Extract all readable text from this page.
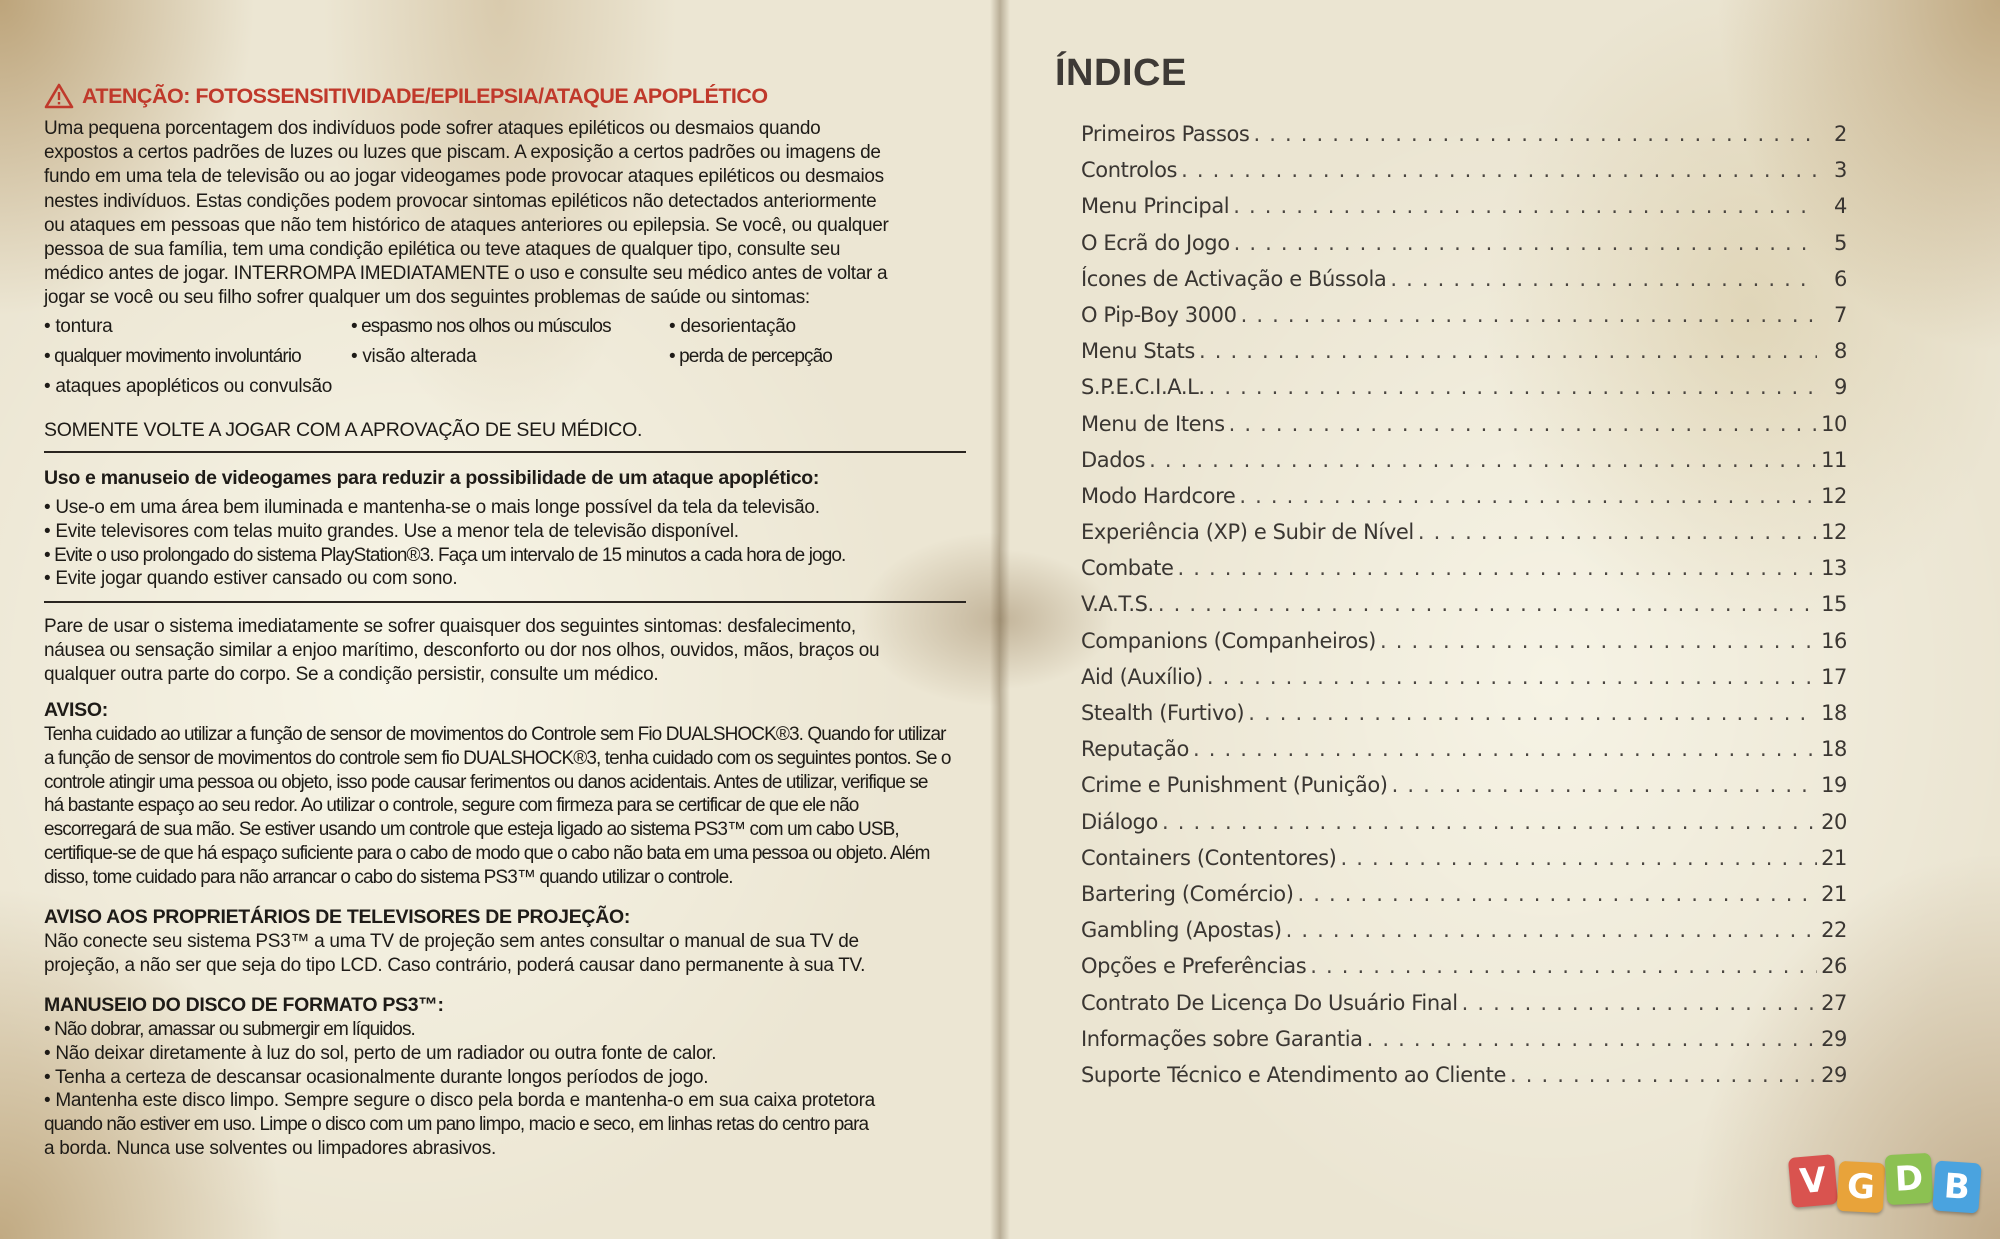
ATENÇÃO: FOTOSSENSITIVIDADE/EPILEPSIA/ATAQUE APOPLÉTICO
Uma pequena porcentagem dos indivíduos pode sofrer ataques epiléticos ou desmaios quando
expostos a certos padrões de luzes ou luzes que piscam. A exposição a certos padrões ou imagens de
fundo em uma tela de televisão ou ao jogar videogames pode provocar ataques epiléticos ou desmaios
nestes indivíduos. Estas condições podem provocar sintomas epiléticos não detectados anteriormente
ou ataques em pessoas que não tem histórico de ataques anteriores ou epilepsia. Se você, ou qualquer
pessoa de sua família, tem uma condição epilética ou teve ataques de qualquer tipo, consulte seu
médico antes de jogar. INTERROMPA IMEDIATAMENTE o uso e consulte seu médico antes de voltar a
jogar se você ou seu filho sofrer qualquer um dos seguintes problemas de saúde ou sintomas:
• tontura	• espasmo nos olhos ou músculos	• desorientação
• qualquer movimento involuntário	• visão alterada	• perda de percepção
• ataques apopléticos ou convulsão
SOMENTE VOLTE A JOGAR COM A APROVAÇÃO DE SEU MÉDICO.
Uso e manuseio de videogames para reduzir a possibilidade de um ataque apoplético:
• Use-o em uma área bem iluminada e mantenha-se o mais longe possível da tela da televisão.
• Evite televisores com telas muito grandes. Use a menor tela de televisão disponível.
• Evite o uso prolongado do sistema PlayStation®3. Faça um intervalo de 15 minutos a cada hora de jogo.
• Evite jogar quando estiver cansado ou com sono.
Pare de usar o sistema imediatamente se sofrer quaisquer dos seguintes sintomas: desfalecimento,
náusea ou sensação similar a enjoo marítimo, desconforto ou dor nos olhos, ouvidos, mãos, braços ou
qualquer outra parte do corpo. Se a condição persistir, consulte um médico.
AVISO:
Tenha cuidado ao utilizar a função de sensor de movimentos do Controle sem Fio DUALSHOCK®3. Quando for utilizar
a função de sensor de movimentos do controle sem fio DUALSHOCK®3, tenha cuidado com os seguintes pontos. Se o
controle atingir uma pessoa ou objeto, isso pode causar ferimentos ou danos acidentais. Antes de utilizar, verifique se
há bastante espaço ao seu redor. Ao utilizar o controle, segure com firmeza para se certificar de que ele não
escorregará de sua mão. Se estiver usando um controle que esteja ligado ao sistema PS3™ com um cabo USB,
certifique-se de que há espaço suficiente para o cabo de modo que o cabo não bata em uma pessoa ou objeto. Além
disso, tome cuidado para não arrancar o cabo do sistema PS3™ quando utilizar o controle.
AVISO AOS PROPRIETÁRIOS DE TELEVISORES DE PROJEÇÃO:
Não conecte seu sistema PS3™ a uma TV de projeção sem antes consultar o manual de sua TV de
projeção, a não ser que seja do tipo LCD. Caso contrário, poderá causar dano permanente à sua TV.
MANUSEIO DO DISCO DE FORMATO PS3™:
• Não dobrar, amassar ou submergir em líquidos.
• Não deixar diretamente à luz do sol, perto de um radiador ou outra fonte de calor.
• Tenha a certeza de descansar ocasionalmente durante longos períodos de jogo.
• Mantenha este disco limpo. Sempre segure o disco pela borda e mantenha-o em sua caixa protetora
quando não estiver em uso. Limpe o disco com um pano limpo, macio e seco, em linhas retas do centro para
a borda. Nunca use solventes ou limpadores abrasivos.
ÍNDICE
Primeiros Passos . . .	2
Controlos . . .	3
Menu Principal . . .	4
O Ecrã do Jogo . . .	5
Ícones de Activação e Bússola . . .	6
O Pip-Boy 3000 . . .	7
Menu Stats . . .	8
S.P.E.C.I.A.L. . . .	9
Menu de Itens . . .	10
Dados . . .	11
Modo Hardcore . . .	12
Experiência (XP) e Subir de Nível . . .	12
Combate . . .	13
V.A.T.S. . . .	15
Companions (Companheiros) . . .	16
Aid (Auxílio) . . .	17
Stealth (Furtivo) . . .	18
Reputação . . .	18
Crime e Punishment (Punição) . . .	19
Diálogo . . .	20
Containers (Contentores) . . .	21
Bartering (Comércio) . . .	21
Gambling (Apostas) . . .	22
Opções e Preferências . . .	26
Contrato De Licença Do Usuário Final . . .	27
Informações sobre Garantia . . .	29
Suporte Técnico e Atendimento ao Cliente . . .	29
V G D B
